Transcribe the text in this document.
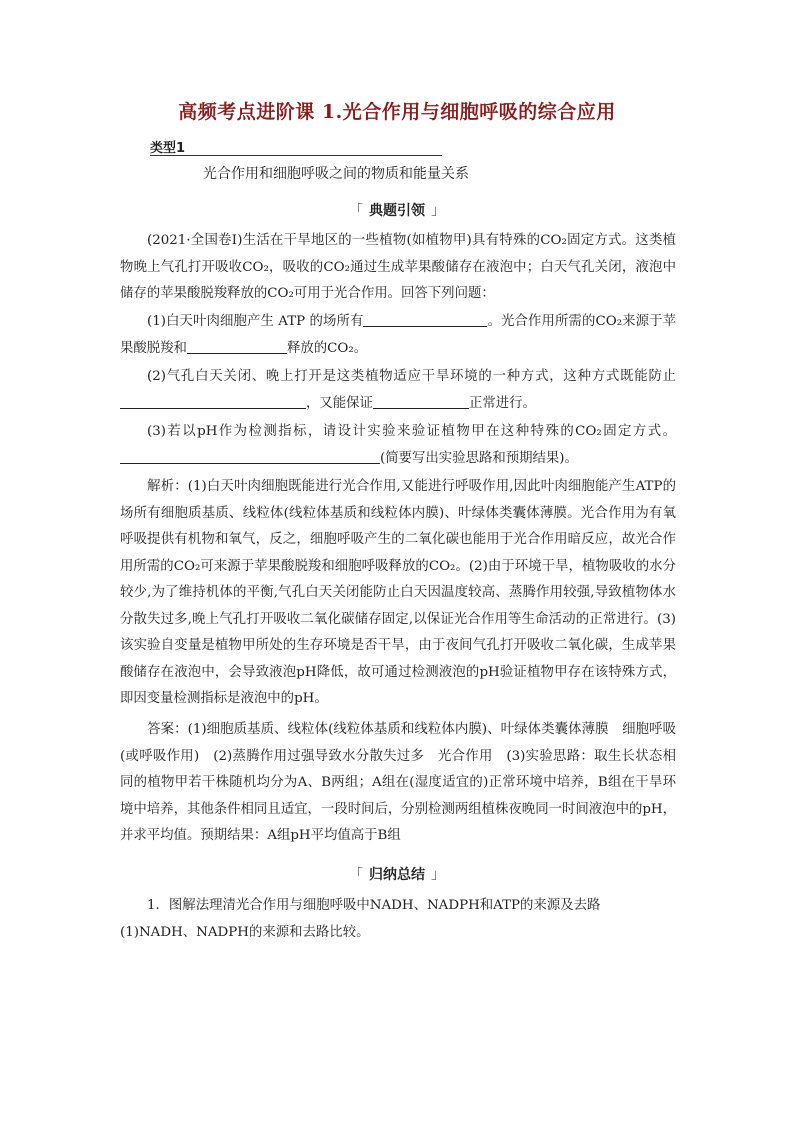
高频考点进阶课 1.光合作用与细胞呼吸的综合应用
类型1
光合作用和细胞呼吸之间的物质和能量关系
「 典题引领 」
(2021·全国卷Ⅰ)生活在干旱地区的一些植物(如植物甲)具有特殊的CO₂固定方式。这类植物晚上气孔打开吸收CO₂，吸收的CO₂通过生成苹果酸储存在液泡中；白天气孔关闭，液泡中储存的苹果酸脱羧释放的CO₂可用于光合作用。回答下列问题：
(1)白天叶肉细胞产生 ATP 的场所有	。光合作用所需的CO₂来源于苹果酸脱羧和	释放的CO₂。
(2)气孔白天关闭、晚上打开是这类植物适应干旱环境的一种方式，这种方式既能防止，又能保证	正常进行。
(3)若以pH作为检测指标，请设计实验来验证植物甲在这种特殊的CO₂固定方式。(简要写出实验思路和预期结果)。
解析：(1)白天叶肉细胞既能进行光合作用,又能进行呼吸作用,因此叶肉细胞能产生ATP的场所有细胞质基质、线粒体(线粒体基质和线粒体内膜)、叶绿体类囊体薄膜。光合作用为有氧呼吸提供有机物和氧气，反之，细胞呼吸产生的二氧化碳也能用于光合作用暗反应，故光合作用所需的CO₂可来源于苹果酸脱羧和细胞呼吸释放的CO₂。(2)由于环境干旱，植物吸收的水分较少,为了维持机体的平衡,气孔白天关闭能防止白天因温度较高、蒸腾作用较强,导致植物体水分散失过多,晚上气孔打开吸收二氧化碳储存固定,以保证光合作用等生命活动的正常进行。(3)该实验自变量是植物甲所处的生存环境是否干旱，由于夜间气孔打开吸收二氧化碳，生成苹果酸储存在液泡中，会导致液泡pH降低，故可通过检测液泡的pH验证植物甲存在该特殊方式，即因变量检测指标是液泡中的pH。
答案：(1)细胞质基质、线粒体(线粒体基质和线粒体内膜)、叶绿体类囊体薄膜　细胞呼吸(或呼吸作用)　(2)蒸腾作用过强导致水分散失过多　光合作用　(3)实验思路：取生长状态相同的植物甲若干株随机均分为A、B两组；A组在(湿度适宜的)正常环境中培养，B组在干旱环境中培养，其他条件相同且适宜，一段时间后，分别检测两组植株夜晚同一时间液泡中的pH，并求平均值。预期结果：A组pH平均值高于B组
「 归纳总结 」
1．图解法理清光合作用与细胞呼吸中NADH、NADPH和ATP的来源及去路
(1)NADH、NADPH的来源和去路比较。
